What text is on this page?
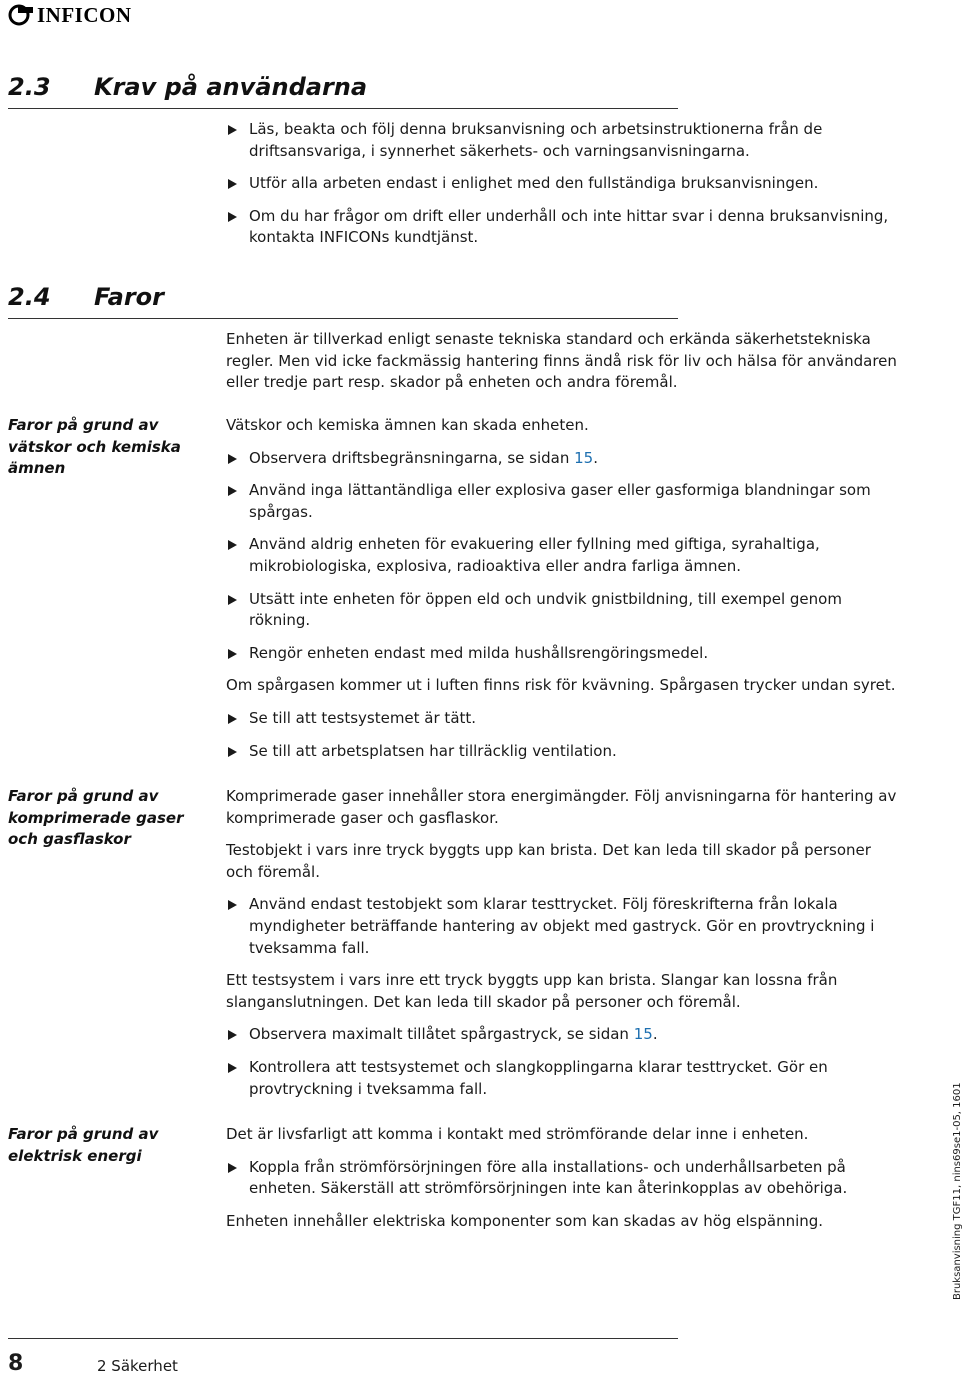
INFICON
2.3 Krav på användarna

Läs, beakta och följ denna bruksanvisning och arbetsinstruktionerna från de driftsansvariga, i synnerhet säkerhets- och varningsanvisningarna.

Utför alla arbeten endast i enlighet med den fullständiga bruksanvisningen.

Om du har frågor om drift eller underhåll och inte hittar svar i denna bruksanvisning, kontakta INFICONs kundtjänst.

2.4 Faror

Enheten är tillverkad enligt senaste tekniska standard och erkända säkerhetstekniska regler. Men vid icke fackmässig hantering finns ändå risk för liv och hälsa för användaren eller tredje part resp. skador på enheten och andra föremål.

Faror på grund av vätskor och kemiska ämnen

Vätskor och kemiska ämnen kan skada enheten.

Observera driftsbegränsningarna, se sidan 15.

Använd inga lättantändliga eller explosiva gaser eller gasformiga blandningar som spårgas.

Använd aldrig enheten för evakuering eller fyllning med giftiga, syrahaltiga, mikrobiologiska, explosiva, radioaktiva eller andra farliga ämnen.

Utsätt inte enheten för öppen eld och undvik gnistbildning, till exempel genom rökning.

Rengör enheten endast med milda hushållsrengöringsmedel.

Om spårgasen kommer ut i luften finns risk för kvävning. Spårgasen trycker undan syret.

Se till att testsystemet är tätt.

Se till att arbetsplatsen har tillräcklig ventilation.

Faror på grund av komprimerade gaser och gasflaskor

Komprimerade gaser innehåller stora energimängder. Följ anvisningarna för hantering av komprimerade gaser och gasflaskor.

Testobjekt i vars inre tryck byggts upp kan brista. Det kan leda till skador på personer och föremål.

Använd endast testobjekt som klarar testtrycket. Följ föreskrifterna från lokala myndigheter beträffande hantering av objekt med gastryck. Gör en provtryckning i tveksamma fall.

Ett testsystem i vars inre ett tryck byggts upp kan brista. Slangar kan lossna från slanganslutningen. Det kan leda till skador på personer och föremål.

Observera maximalt tillåtet spårgastryck, se sidan 15.

Kontrollera att testsystemet och slangkopplingarna klarar testtrycket. Gör en provtryckning i tveksamma fall.

Faror på grund av elektrisk energi

Det är livsfarligt att komma i kontakt med strömförande delar inne i enheten.

Koppla från strömförsörjningen före alla installations- och underhållsarbeten på enheten. Säkerställ att strömförsörjningen inte kan återinkopplas av obehöriga.

Enheten innehåller elektriska komponenter som kan skadas av hög elspänning.	Bruksanvisning TGF11, nins69se1-05, 1601
8	2 Säkerhet
